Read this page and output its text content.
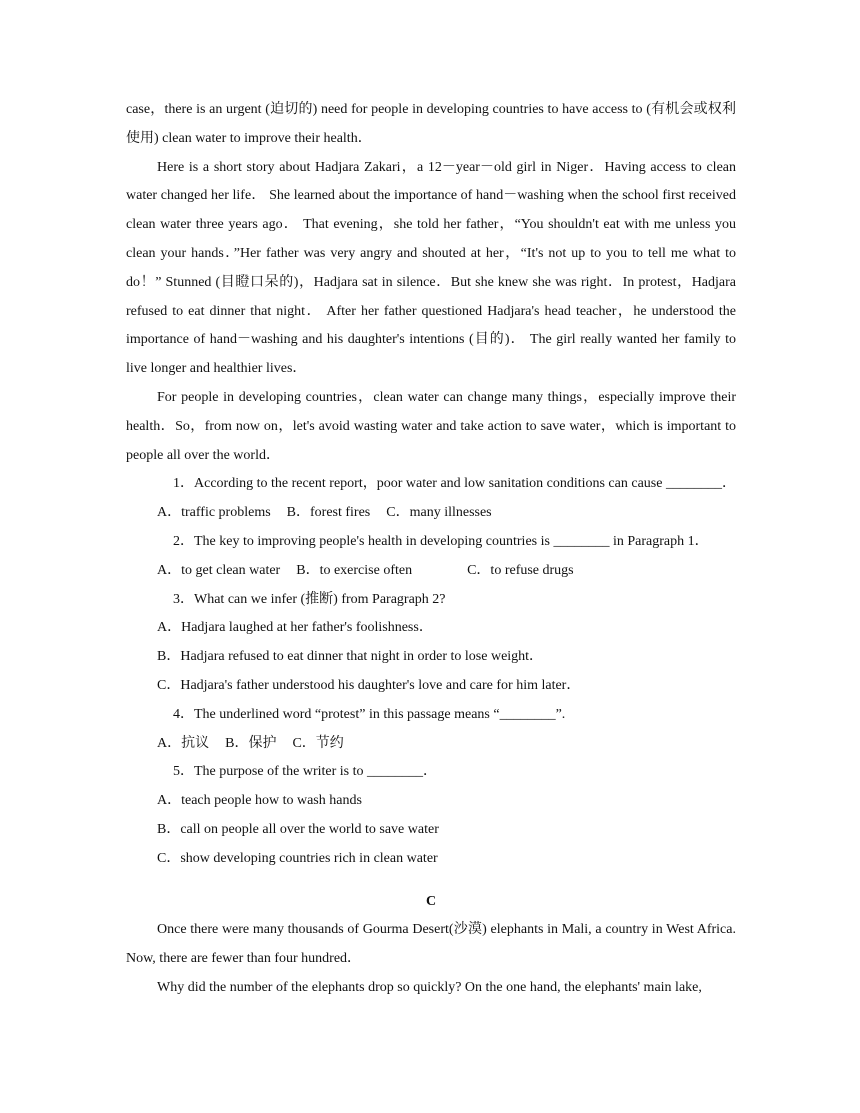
case，there is an urgent (迫切的) need for people in developing countries to have access to (有机会或权利使用) clean water to improve their health．

Here is a short story about Hadjara Zakari，a 12－year－old girl in Niger．Having access to clean water changed her life． She learned about the importance of hand－washing when the school first received clean water three years ago． That evening，she told her father，“You shouldn't eat with me unless you clean your hands．”Her father was very angry and shouted at her，“It's not up to you to tell me what to do！” Stunned (目瞪口呆的)，Hadjara sat in silence．But she knew she was right．In protest，Hadjara refused to eat dinner that night． After her father questioned Hadjara's head teacher，he understood the importance of hand－washing and his daughter's intentions (目的)． The girl really wanted her family to live longer and healthier lives．

For people in developing countries，clean water can change many things，especially improve their health．So，from now on，let's avoid wasting water and take action to save water，which is important to people all over the world．

1．According to the recent report，poor water and low sanitation conditions can cause ________．

A．traffic problems B．forest fires C．many illnesses

2．The key to improving people's health in developing countries is ________ in Paragraph 1．

A．to get clean water B．to exercise often	C．to refuse drugs

3．What can we infer (推断) from Paragraph 2?

A．Hadjara laughed at her father's foolishness．

B．Hadjara refused to eat dinner that night in order to lose weight．

C．Hadjara's father understood his daughter's love and care for him later．

4．The underlined word “protest” in this passage means “________”.

A．抗议 B．保护 C．节约

5．The purpose of the writer is to ________．

A．teach people how to wash hands

B．call on people all over the world to save water

C．show developing countries rich in clean water

C

Once there were many thousands of Gourma Desert(沙漠) elephants in Mali, a country in West Africa. Now, there are fewer than four hundred．

Why did the number of the elephants drop so quickly? On the one hand, the elephants' main lake,
